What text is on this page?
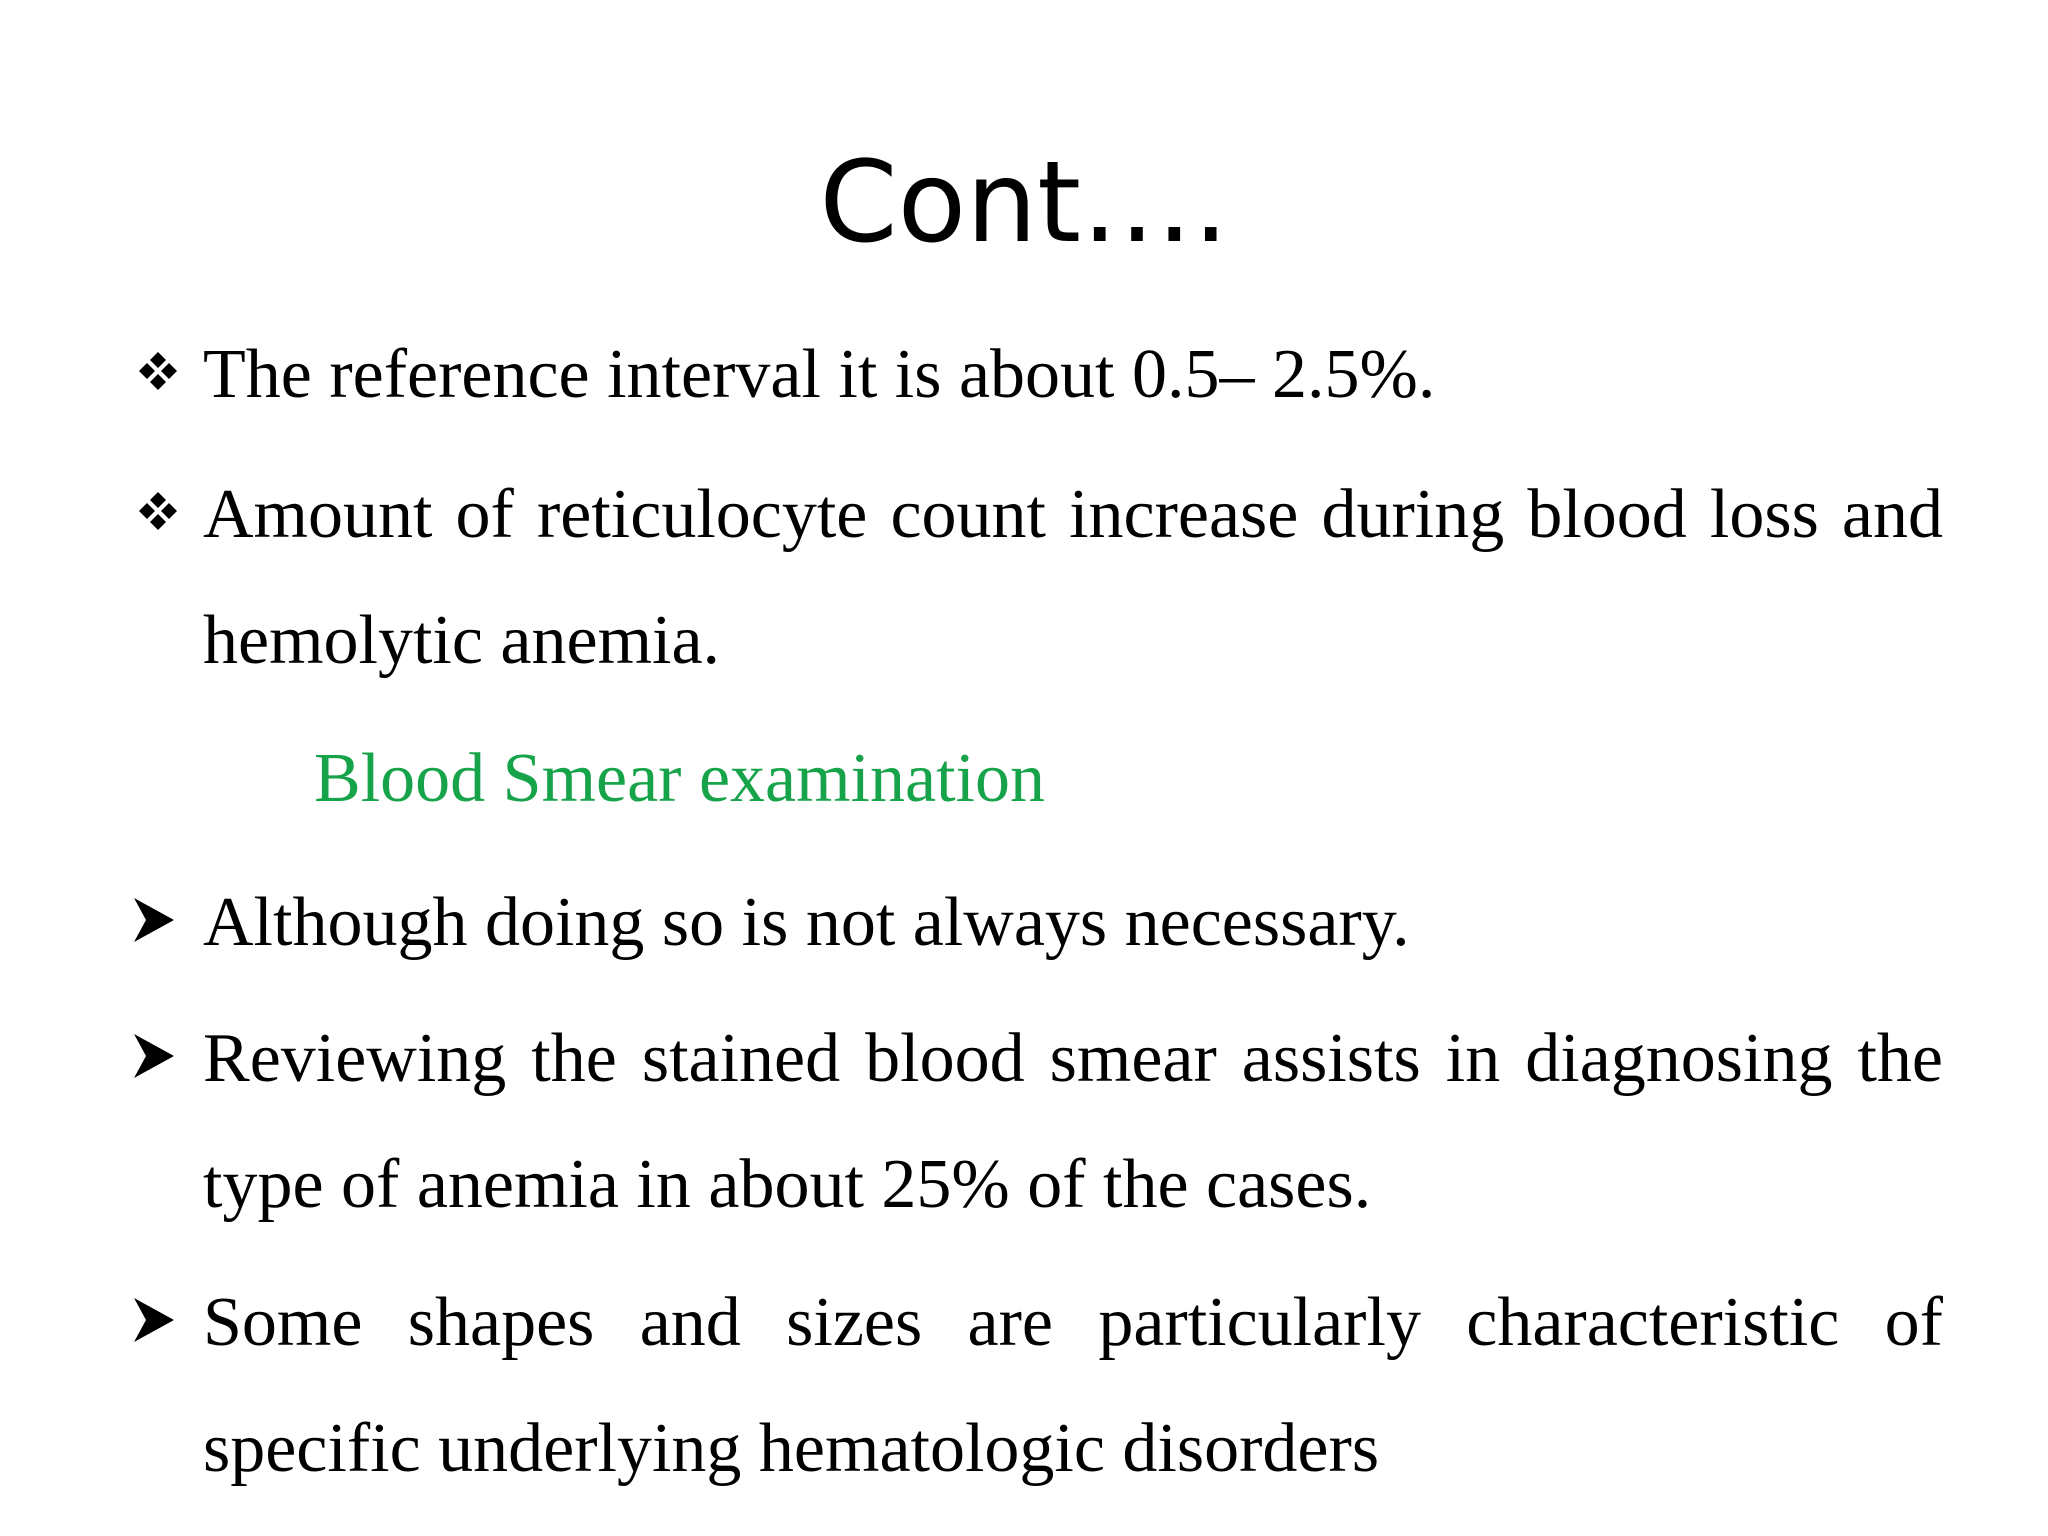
Cont….
The reference interval it is about 0.5– 2.5%.
Amount of reticulocyte count increase during blood loss and hemolytic anemia.
Blood Smear examination
Although doing so is not always necessary.
Reviewing the stained blood smear assists in diagnosing the type of anemia in about 25% of the cases.
Some shapes and sizes are particularly characteristic of specific underlying hematologic disorders
